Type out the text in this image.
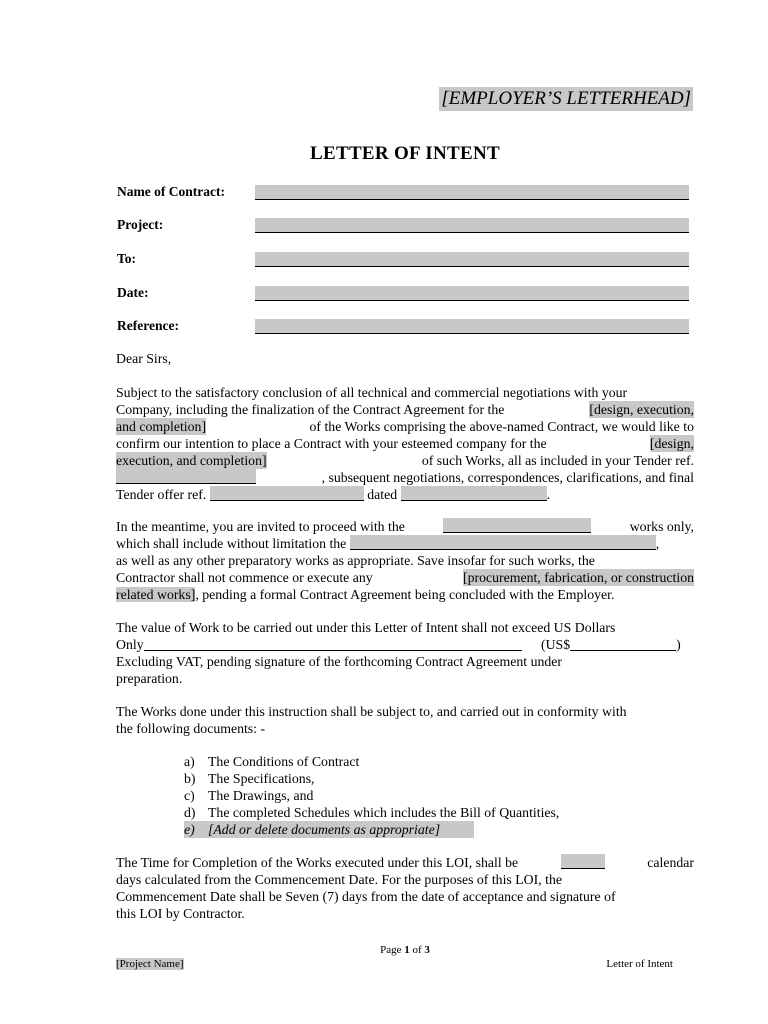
[EMPLOYER’S LETTERHEAD]
LETTER OF INTENT
Name of Contract:
Project:
To:
Date:
Reference:
Dear Sirs,
Subject to the satisfactory conclusion of all technical and commercial negotiations with your
Company, including the finalization of the Contract Agreement for the	[design, execution,
and completion]	of the Works comprising the above-named Contract, we would like to
confirm our intention to place a Contract with your esteemed company for the	[design,
execution, and completion]	of such Works, all as included in your Tender ref.
, subsequent negotiations, correspondences, clarifications, and final
Tender offer ref.	dated	.
In the meantime, you are invited to proceed with the	works only,
which shall include without limitation the	,
as well as any other preparatory works as appropriate. Save insofar for such works, the
Contractor shall not commence or execute any	[procurement, fabrication, or construction
related works], pending a formal Contract Agreement being concluded with the Employer.
The value of Work to be carried out under this Letter of Intent shall not exceed US Dollars
Only	(US$	)
Excluding VAT, pending signature of the forthcoming Contract Agreement under
preparation.
The Works done under this instruction shall be subject to, and carried out in conformity with
the following documents: -
a) The Conditions of Contract
b) The Specifications,
c) The Drawings, and
d) The completed Schedules which includes the Bill of Quantities,
e) [Add or delete documents as appropriate]
The Time for Completion of the Works executed under this LOI, shall be	calendar
days calculated from the Commencement Date. For the purposes of this LOI, the
Commencement Date shall be Seven (7) days from the date of acceptance and signature of
this LOI by Contractor.
Page 1 of 3
[Project Name]	Letter of Intent
